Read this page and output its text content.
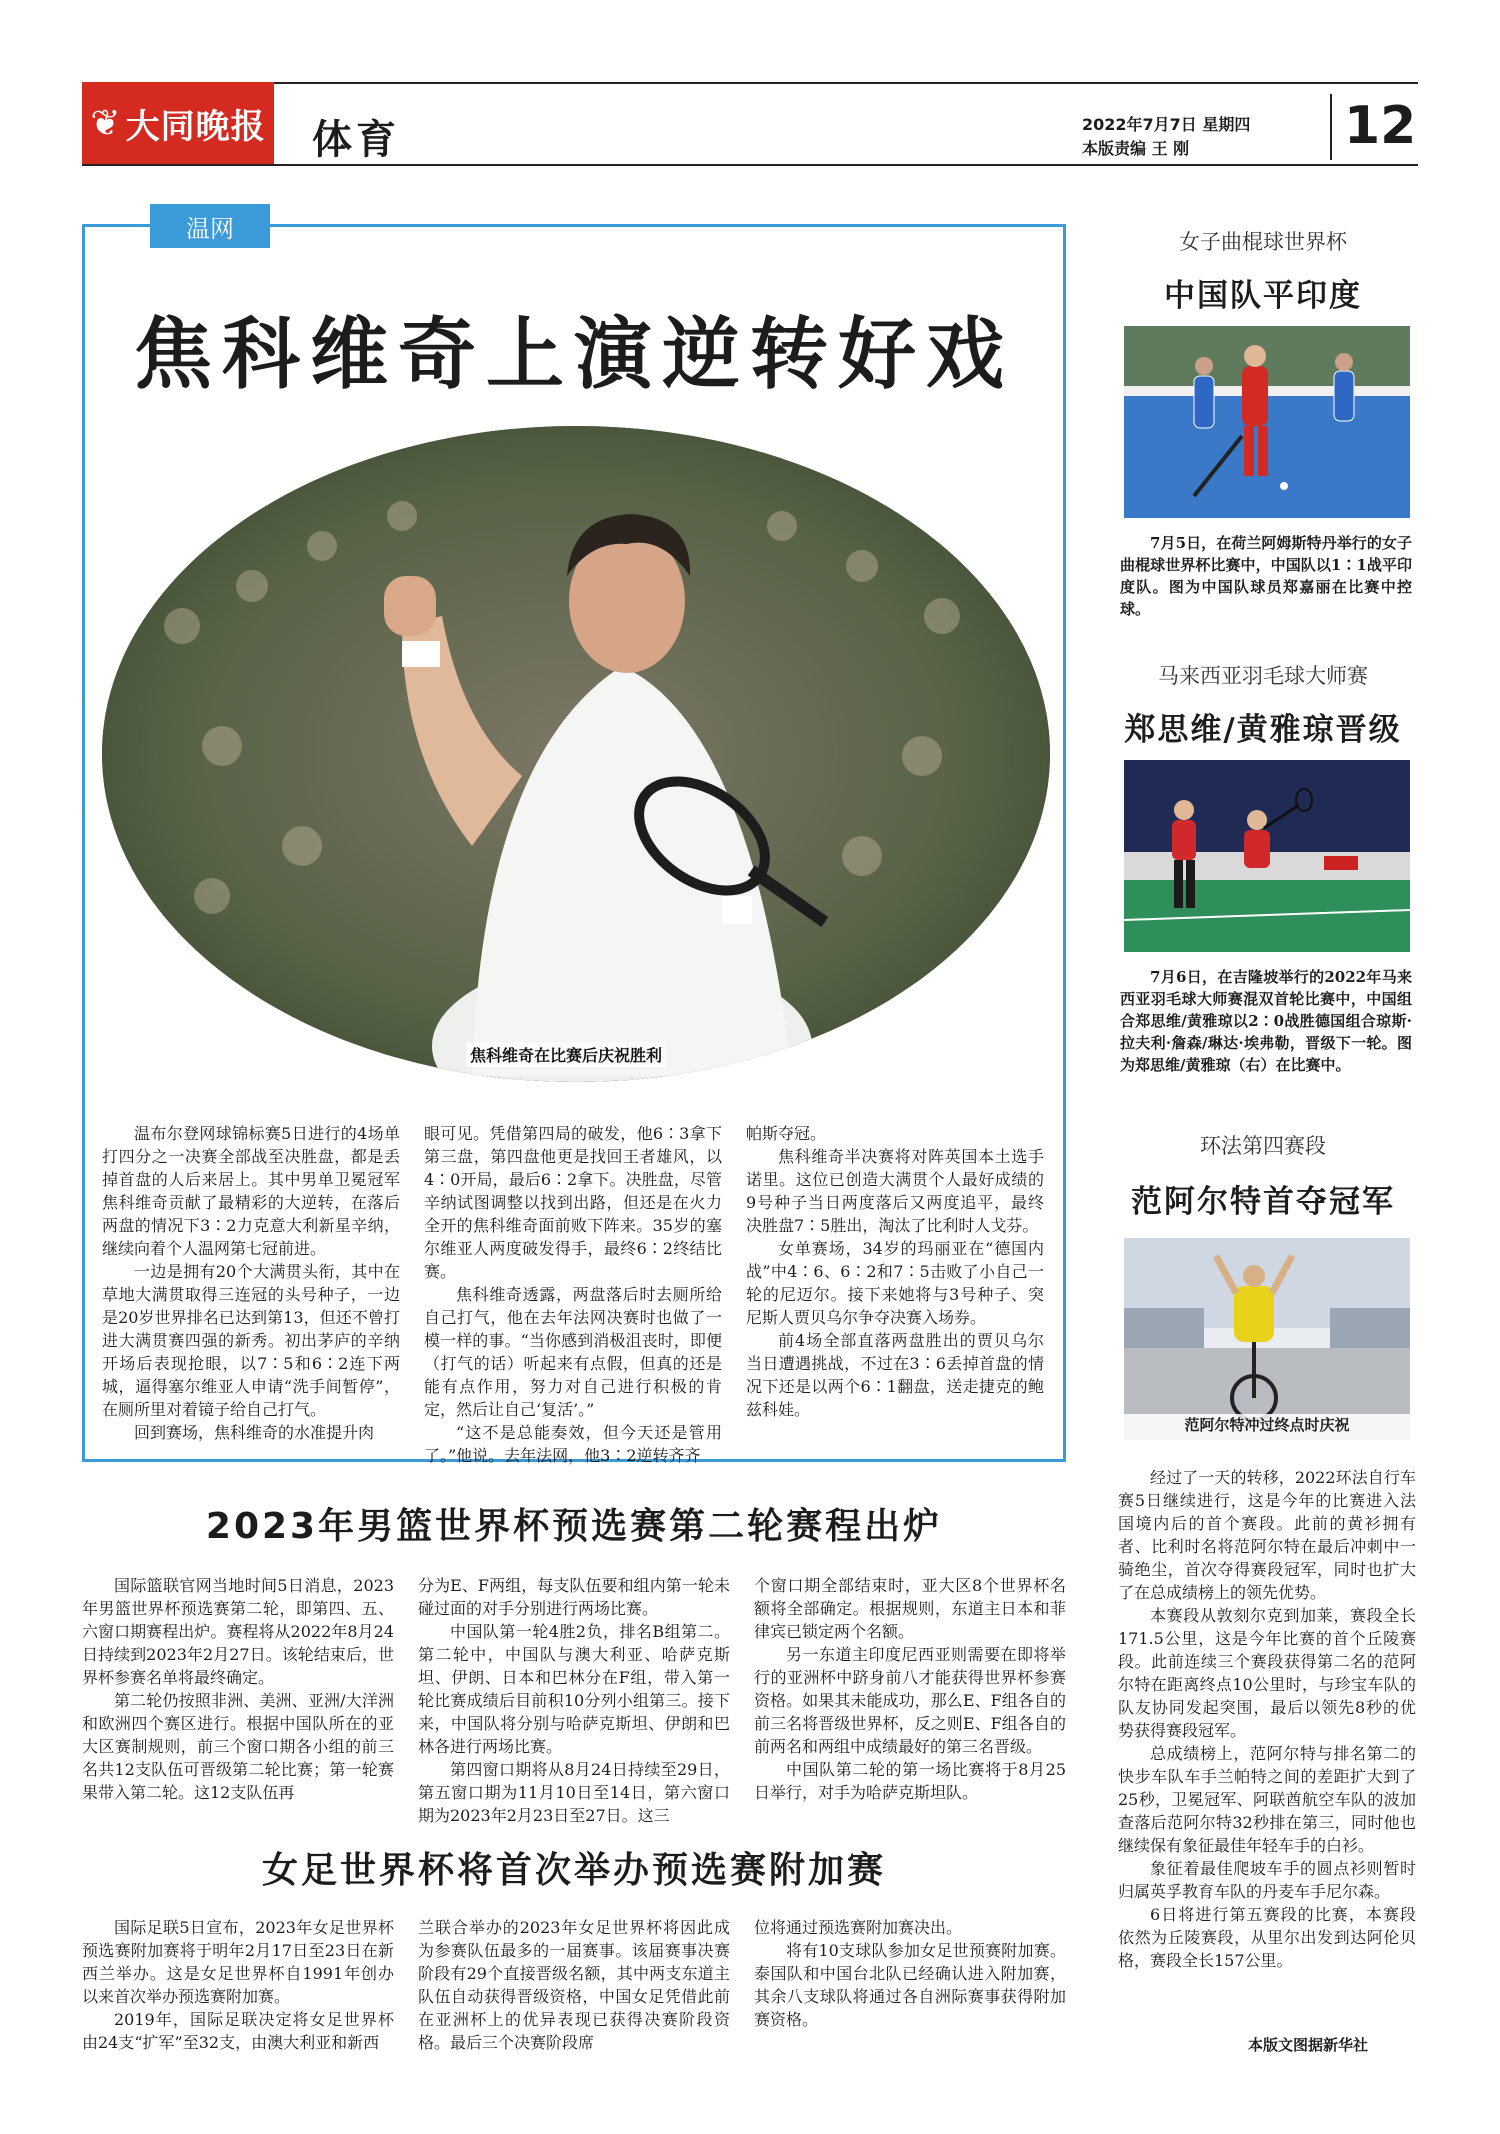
❦ 大同晚报 体育	2022年7月7日 星期四
本版责编 王 刚	12
温网
焦科维奇上演逆转好戏
焦科维奇在比赛后庆祝胜利

温布尔登网球锦标赛5日进行的4场单打四分之一决赛全部战至决胜盘，都是丢掉首盘的人后来居上。其中男单卫冕冠军焦科维奇贡献了最精彩的大逆转，在落后两盘的情况下3∶2力克意大利新星辛纳，继续向着个人温网第七冠前进。

一边是拥有20个大满贯头衔，其中在草地大满贯取得三连冠的头号种子，一边是20岁世界排名已达到第13，但还不曾打进大满贯赛四强的新秀。初出茅庐的辛纳开场后表现抢眼，以7∶5和6∶2连下两城，逼得塞尔维亚人申请“洗手间暂停”，在厕所里对着镜子给自己打气。

回到赛场，焦科维奇的水准提升肉

眼可见。凭借第四局的破发，他6∶3拿下第三盘，第四盘他更是找回王者雄风，以4∶0开局，最后6∶2拿下。决胜盘，尽管辛纳试图调整以找到出路，但还是在火力全开的焦科维奇面前败下阵来。35岁的塞尔维亚人两度破发得手，最终6∶2终结比赛。

焦科维奇透露，两盘落后时去厕所给自己打气，他在去年法网决赛时也做了一模一样的事。“当你感到消极沮丧时，即便（打气的话）听起来有点假，但真的还是能有点作用，努力对自己进行积极的肯定，然后让自己‘复活’。”

“这不是总能奏效，但今天还是管用了。”他说。去年法网，他3∶2逆转齐齐

帕斯夺冠。

焦科维奇半决赛将对阵英国本土选手诺里。这位已创造大满贯个人最好成绩的9号种子当日两度落后又两度追平，最终决胜盘7∶5胜出，淘汰了比利时人戈芬。

女单赛场，34岁的玛丽亚在“德国内战”中4∶6、6∶2和7∶5击败了小自己一轮的尼迈尔。接下来她将与3号种子、突尼斯人贾贝乌尔争夺决赛入场券。

前4场全部直落两盘胜出的贾贝乌尔当日遭遇挑战，不过在3∶6丢掉首盘的情况下还是以两个6∶1翻盘，送走捷克的鲍兹科娃。

2023年男篮世界杯预选赛第二轮赛程出炉

国际篮联官网当地时间5日消息，2023年男篮世界杯预选赛第二轮，即第四、五、六窗口期赛程出炉。赛程将从2022年8月24日持续到2023年2月27日。该轮结束后，世界杯参赛名单将最终确定。

第二轮仍按照非洲、美洲、亚洲/大洋洲和欧洲四个赛区进行。根据中国队所在的亚大区赛制规则，前三个窗口期各小组的前三名共12支队伍可晋级第二轮比赛；第一轮赛果带入第二轮。这12支队伍再

分为E、F两组，每支队伍要和组内第一轮未碰过面的对手分别进行两场比赛。

中国队第一轮4胜2负，排名B组第二。第二轮中，中国队与澳大利亚、哈萨克斯坦、伊朗、日本和巴林分在F组，带入第一轮比赛成绩后目前积10分列小组第三。接下来，中国队将分别与哈萨克斯坦、伊朗和巴林各进行两场比赛。

第四窗口期将从8月24日持续至29日，第五窗口期为11月10日至14日，第六窗口期为2023年2月23日至27日。这三

个窗口期全部结束时，亚大区8个世界杯名额将全部确定。根据规则，东道主日本和菲律宾已锁定两个名额。

另一东道主印度尼西亚则需要在即将举行的亚洲杯中跻身前八才能获得世界杯参赛资格。如果其未能成功，那么E、F组各自的前三名将晋级世界杯，反之则E、F组各自的前两名和两组中成绩最好的第三名晋级。

中国队第二轮的第一场比赛将于8月25日举行，对手为哈萨克斯坦队。

女足世界杯将首次举办预选赛附加赛

国际足联5日宣布，2023年女足世界杯预选赛附加赛将于明年2月17日至23日在新西兰举办。这是女足世界杯自1991年创办以来首次举办预选赛附加赛。

2019年，国际足联决定将女足世界杯由24支“扩军”至32支，由澳大利亚和新西

兰联合举办的2023年女足世界杯将因此成为参赛队伍最多的一届赛事。该届赛事决赛阶段有29个直接晋级名额，其中两支东道主队伍自动获得晋级资格，中国女足凭借此前在亚洲杯上的优异表现已获得决赛阶段资格。最后三个决赛阶段席

位将通过预选赛附加赛决出。

将有10支球队参加女足世预赛附加赛。泰国队和中国台北队已经确认进入附加赛，其余八支球队将通过各自洲际赛事获得附加赛资格。

女子曲棍球世界杯
中国队平印度

7月5日，在荷兰阿姆斯特丹举行的女子曲棍球世界杯比赛中，中国队以1∶1战平印度队。图为中国队球员郑嘉丽在比赛中控球。

马来西亚羽毛球大师赛
郑思维/黄雅琼晋级

7月6日，在吉隆坡举行的2022年马来西亚羽毛球大师赛混双首轮比赛中，中国组合郑思维/黄雅琼以2∶0战胜德国组合琼斯·拉夫利·詹森/琳达·埃弗勒，晋级下一轮。图为郑思维/黄雅琼（右）在比赛中。

环法第四赛段
范阿尔特首夺冠军
范阿尔特冲过终点时庆祝

经过了一天的转移，2022环法自行车赛5日继续进行，这是今年的比赛进入法国境内后的首个赛段。此前的黄衫拥有者、比利时名将范阿尔特在最后冲刺中一骑绝尘，首次夺得赛段冠军，同时也扩大了在总成绩榜上的领先优势。

本赛段从敦刻尔克到加莱，赛段全长171.5公里，这是今年比赛的首个丘陵赛段。此前连续三个赛段获得第二名的范阿尔特在距离终点10公里时，与珍宝车队的队友协同发起突围，最后以领先8秒的优势获得赛段冠军。

总成绩榜上，范阿尔特与排名第二的快步车队车手兰帕特之间的差距扩大到了25秒，卫冕冠军、阿联酋航空车队的波加查落后范阿尔特32秒排在第三，同时他也继续保有象征最佳年轻车手的白衫。

象征着最佳爬坡车手的圆点衫则暂时归属英孚教育车队的丹麦车手尼尔森。

6日将进行第五赛段的比赛，本赛段依然为丘陵赛段，从里尔出发到达阿伦贝格，赛段全长157公里。

本版文图据新华社
